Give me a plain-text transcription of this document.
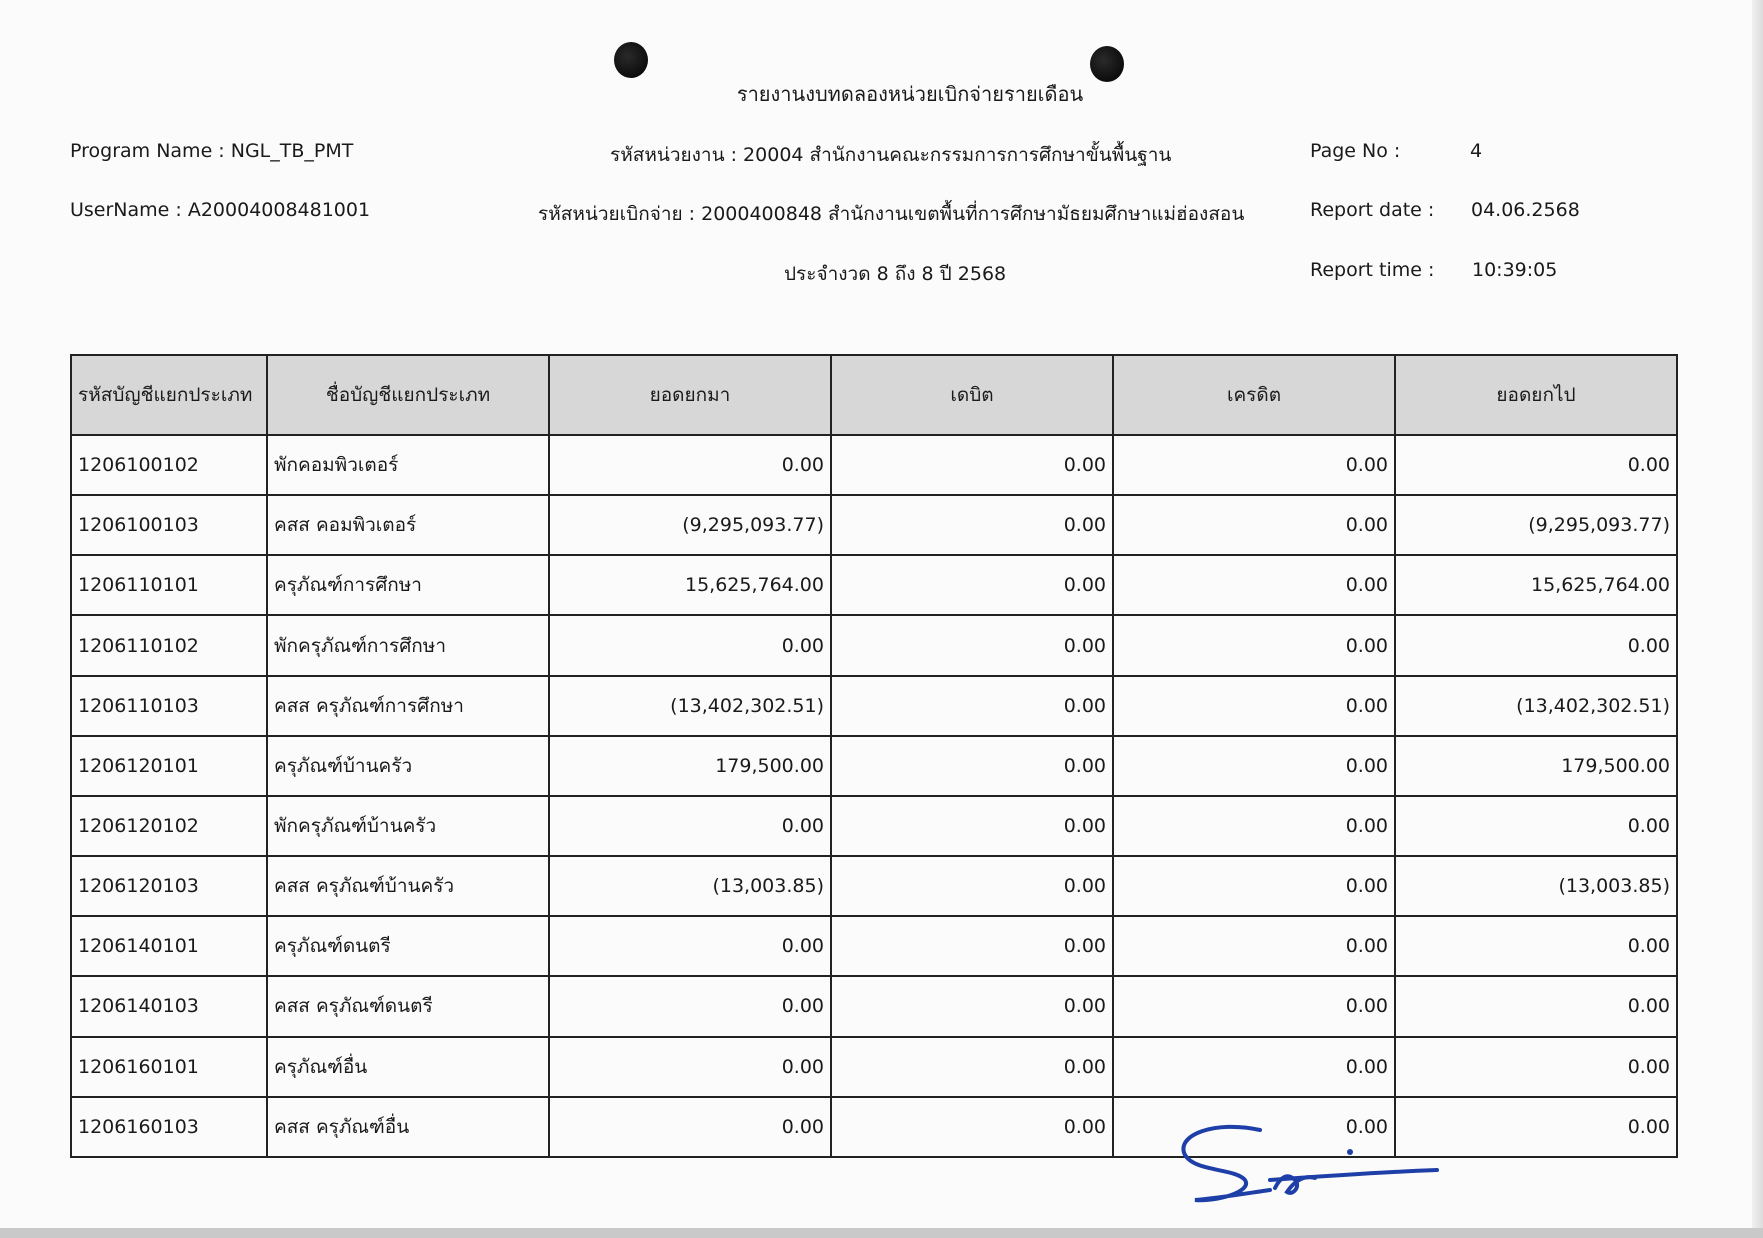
รายงานงบทดลองหน่วยเบิกจ่ายรายเดือน
Program Name : NGL_TB_PMT
UserName : A20004008481001
รหัสหน่วยงาน : 20004 สำนักงานคณะกรรมการการศึกษาขั้นพื้นฐาน
รหัสหน่วยเบิกจ่าย : 2000400848 สำนักงานเขตพื้นที่การศึกษามัธยมศึกษาแม่ฮ่องสอน
ประจำงวด 8 ถึง 8 ปี 2568
Page No :	4
Report date : 04.06.2568
Report time : 10:39:05
รหัสบัญชีแยกประเภท	ชื่อบัญชีแยกประเภท	ยอดยกมา	เดบิต	เครดิต	ยอดยกไป
1206100102	พักคอมพิวเตอร์	0.00	0.00	0.00	0.00
1206100103	คสส คอมพิวเตอร์	(9,295,093.77)	0.00	0.00	(9,295,093.77)
1206110101	ครุภัณฑ์การศึกษา	15,625,764.00	0.00	0.00	15,625,764.00
1206110102	พักครุภัณฑ์การศึกษา	0.00	0.00	0.00	0.00
1206110103	คสส ครุภัณฑ์การศึกษา	(13,402,302.51)	0.00	0.00	(13,402,302.51)
1206120101	ครุภัณฑ์บ้านครัว	179,500.00	0.00	0.00	179,500.00
1206120102	พักครุภัณฑ์บ้านครัว	0.00	0.00	0.00	0.00
1206120103	คสส ครุภัณฑ์บ้านครัว	(13,003.85)	0.00	0.00	(13,003.85)
1206140101	ครุภัณฑ์ดนตรี	0.00	0.00	0.00	0.00
1206140103	คสส ครุภัณฑ์ดนตรี	0.00	0.00	0.00	0.00
1206160101	ครุภัณฑ์อื่น	0.00	0.00	0.00	0.00
1206160103	คสส ครุภัณฑ์อื่น	0.00	0.00	0.00	0.00
